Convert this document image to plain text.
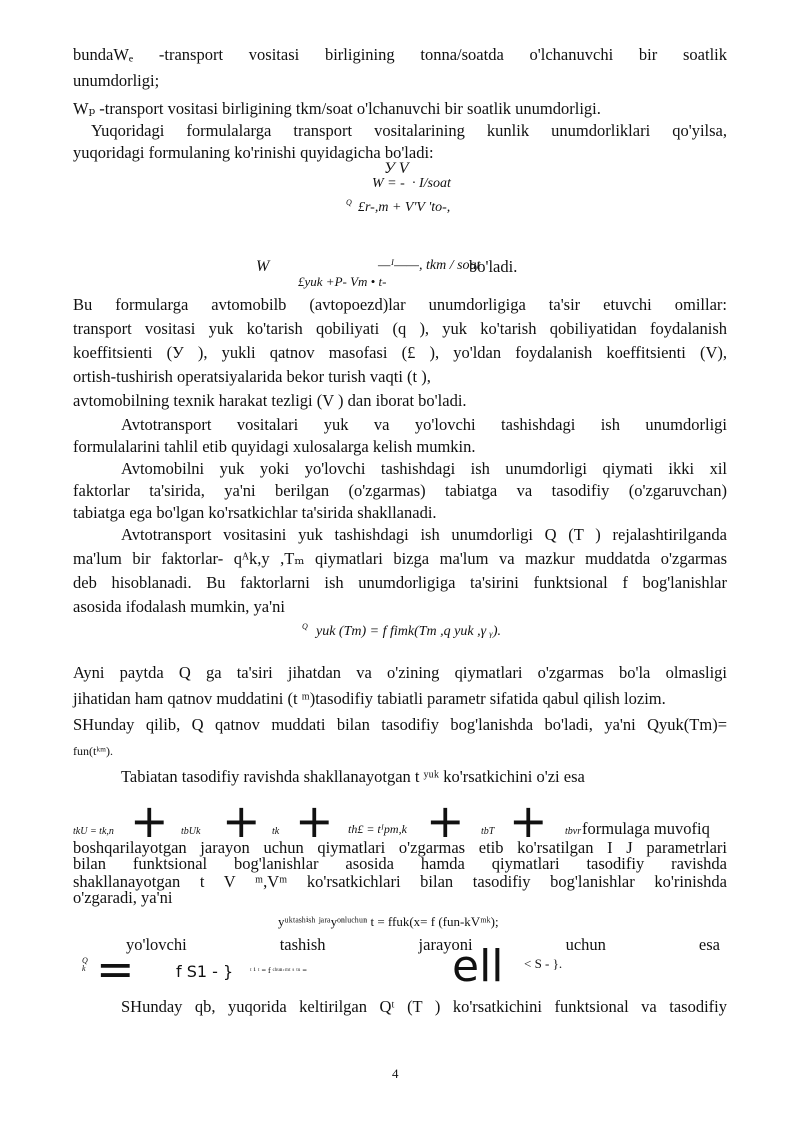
bundaWₑ -transport vositasi birligining tonna/soatda o'lchanuvchi bir soatlik
unumdorligi;
Wₚ -transport vositasi birligining tkm/soat o'lchanuvchi bir soatlik unumdorligi.
Yuqoridagi formulalarga transport vositalarining kunlik unumdorliklari qo'yilsa,
yuqoridagi formulaning ko'rinishi quyidagicha bo'ladi:
У V
W = - · I/soat
Q £r-,т + V'V 'to-,
W	—ᴵ——, tkm / soat
bo'ladi.
£yuk +P- Vт • t-
Bu formularga avtomobilb (avtopoezd)lar unumdorligiga ta'sir etuvchi omillar:
transport vositasi yuk ko'tarish qobiliyati (q ), yuk ko'tarish qobiliyatidan foydalanish
koeffitsienti (У ), yukli qatnov masofasi (£ ), yo'ldan foydalanish koeffitsienti (V),
ortish-tushirish operatsiyalarida bekor turish vaqti (t ),
avtomobilning texnik harakat tezligi (V ) dan iborat bo'ladi.
Avtotransport vositalari yuk va yo'lovchi tashishdagi ish unumdorligi
formulalarini tahlil etib quyidagi xulosalarga kelish mumkin.
Avtomobilni yuk yoki yo'lovchi tashishdagi ish unumdorligi qiymati ikki xil
faktorlar ta'sirida, ya'ni berilgan (o'zgarmas) tabiatga va tasodifiy (o'zgaruvchan)
tabiatga ega bo'lgan ko'rsatkichlar ta'sirida shakllanadi.
Avtotransport vositasini yuk tashishdagi ish unumdorligi Q (T ) rejalashtirilganda
ma'lum bir faktorlar- qᴬk,y ,Tₘ qiymatlari bizga ma'lum va mazkur muddatda o'zgarmas
deb hisoblanadi. Bu faktorlarni ish unumdorligiga ta'sirini funktsional f bog'lanishlar
asosida ifodalash mumkin, ya'ni
Q yuk (Tm) = f fimk(Tm ,q yuk ,γ ᵧ).
Ayni paytda Q ga ta'siri jihatdan va o'zining qiymatlari o'zgarmas bo'la olmasligi
jihatidan ham qatnov muddatini (t ᵐ)tasodifiy tabiatli parametr sifatida qabul qilish lozim.
SHunday qilib, Q qatnov muddati bilan tasodifiy bog'lanishda bo'ladi, ya'ni Qyuk(Tm)=
fun(tᵏᵐ).
Tabiatan tasodifiy ravishda shakllanayotgan t ʸᵘᵏ ko'rsatkichini o'zi esa
tkU = tk,n + tbUk + tk + th£ = tᴵpm,k + tbT + tbvr formulaga muvofiq
boshqarilayotgan jarayon uchun qiymatlari o'zgarmas etib ko'rsatilgan I J parametrlari
bilan funktsional bog'lanishlar asosida hamda qiymatlari tasodifiy ravishda
shakllanayotgan t V ᵐ,Vᵐ ko'rsatkichlari bilan tasodifiy bog'lanishlar ko'rinishda
o'zgaradi, ya'ni
yᵘᵏᵗᵃˢʰⁱˢʰ ʲᵃʳᵃyᵒⁿˡᵘᶜʰᵘⁿ t = ffuk(x= f (fun-kVᵐᵏ);
yo'lovchi tashish jarayoni uchun esa
Q
k =	f S1 - } ᵗ ¹ ᵗ = f ᶜʰᵘⁿ·ᵐᵗ ˢ ᵗᵘ =	ell < S - }.
SHunday qb, yuqorida keltirilgan Qᵗ (T ) ko'rsatkichini funktsional va tasodifiy
4
